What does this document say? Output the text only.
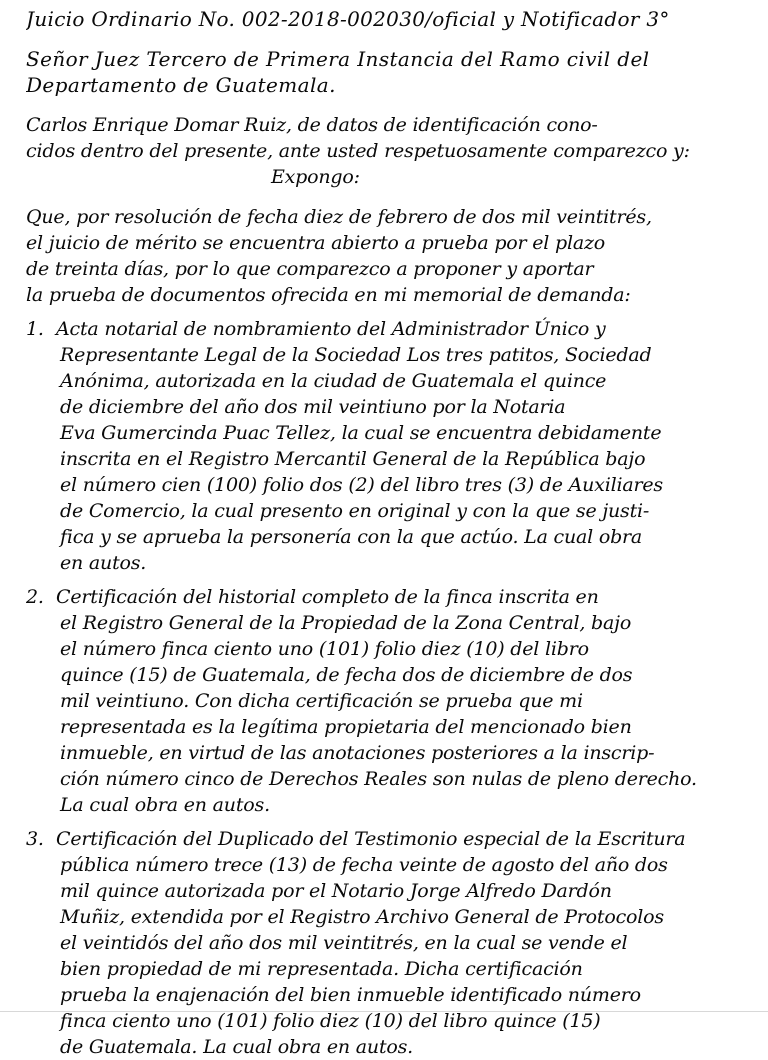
Juicio Ordinario No. 002-2018-002030/oficial y Notificador 3°
Señor Juez Tercero de Primera Instancia del Ramo civil del
Departamento de Guatemala.
Carlos Enrique Domar Ruiz, de datos de identificación cono-
cidos dentro del presente, ante usted respetuosamente comparezco y:
Expongo:
Que, por resolución de fecha diez de febrero de dos mil veintitrés,
el juicio de mérito se encuentra abierto a prueba por el plazo
de treinta días, por lo que comparezco a proponer y aportar
la prueba de documentos ofrecida en mi memorial de demanda:
1. Acta notarial de nombramiento del Administrador Único y
Representante Legal de la Sociedad Los tres patitos, Sociedad
Anónima, autorizada en la ciudad de Guatemala el quince
de diciembre del año dos mil veintiuno por la Notaria
Eva Gumercinda Puac Tellez, la cual se encuentra debidamente
inscrita en el Registro Mercantil General de la República bajo
el número cien (100) folio dos (2) del libro tres (3) de Auxiliares
de Comercio, la cual presento en original y con la que se justi-
fica y se aprueba la personería con la que actúo. La cual obra
en autos.
2. Certificación del historial completo de la finca inscrita en
el Registro General de la Propiedad de la Zona Central, bajo
el número finca ciento uno (101) folio diez (10) del libro
quince (15) de Guatemala, de fecha dos de diciembre de dos
mil veintiuno. Con dicha certificación se prueba que mi
representada es la legítima propietaria del mencionado bien
inmueble, en virtud de las anotaciones posteriores a la inscrip-
ción número cinco de Derechos Reales son nulas de pleno derecho.
La cual obra en autos.
3. Certificación del Duplicado del Testimonio especial de la Escritura
pública número trece (13) de fecha veinte de agosto del año dos
mil quince autorizada por el Notario Jorge Alfredo Dardón
Muñiz, extendida por el Registro Archivo General de Protocolos
el veintidós del año dos mil veintitrés, en la cual se vende el
bien propiedad de mi representada. Dicha certificación
prueba la enajenación del bien inmueble identificado número
finca ciento uno (101) folio diez (10) del libro quince (15)
de Guatemala. La cual obra en autos.
